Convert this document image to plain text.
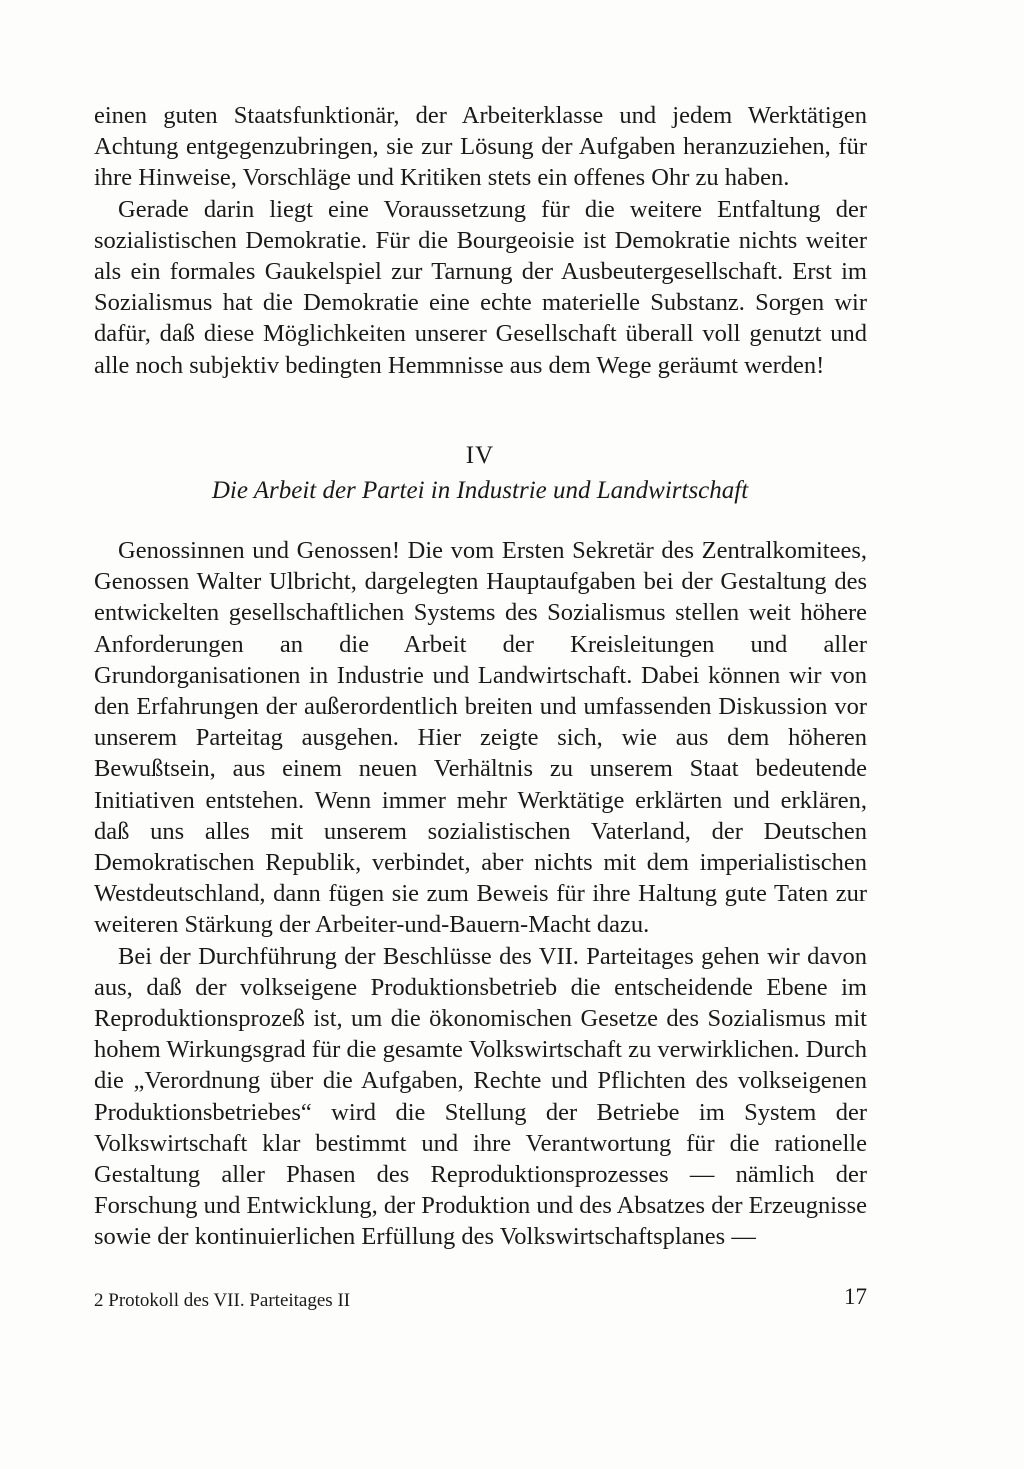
einen guten Staatsfunktionär, der Arbeiterklasse und jedem Werktätigen Achtung entgegenzubringen, sie zur Lösung der Aufgaben heranzuziehen, für ihre Hinweise, Vorschläge und Kritiken stets ein offenes Ohr zu haben.

Gerade darin liegt eine Voraussetzung für die weitere Entfaltung der sozialistischen Demokratie. Für die Bourgeoisie ist Demokratie nichts weiter als ein formales Gaukelspiel zur Tarnung der Ausbeutergesellschaft. Erst im Sozialismus hat die Demokratie eine echte materielle Substanz. Sorgen wir dafür, daß diese Möglichkeiten unserer Gesellschaft überall voll genutzt und alle noch subjektiv bedingten Hemmnisse aus dem Wege geräumt werden!

IV
Die Arbeit der Partei in Industrie und Landwirtschaft

Genossinnen und Genossen! Die vom Ersten Sekretär des Zentralkomitees, Genossen Walter Ulbricht, dargelegten Hauptaufgaben bei der Gestaltung des entwickelten gesellschaftlichen Systems des Sozialismus stellen weit höhere Anforderungen an die Arbeit der Kreisleitungen und aller Grundorganisationen in Industrie und Landwirtschaft. Dabei können wir von den Erfahrungen der außerordentlich breiten und umfassenden Diskussion vor unserem Parteitag ausgehen. Hier zeigte sich, wie aus dem höheren Bewußtsein, aus einem neuen Verhältnis zu unserem Staat bedeutende Initiativen entstehen. Wenn immer mehr Werktätige erklärten und erklären, daß uns alles mit unserem sozialistischen Vaterland, der Deutschen Demokratischen Republik, verbindet, aber nichts mit dem imperialistischen Westdeutschland, dann fügen sie zum Beweis für ihre Haltung gute Taten zur weiteren Stärkung der Arbeiter-und-Bauern-Macht dazu.

Bei der Durchführung der Beschlüsse des VII. Parteitages gehen wir davon aus, daß der volkseigene Produktionsbetrieb die entscheidende Ebene im Reproduktionsprozeß ist, um die ökonomischen Gesetze des Sozialismus mit hohem Wirkungsgrad für die gesamte Volkswirtschaft zu verwirklichen. Durch die „Verordnung über die Aufgaben, Rechte und Pflichten des volkseigenen Produktionsbetriebes“ wird die Stellung der Betriebe im System der Volkswirtschaft klar bestimmt und ihre Verantwortung für die rationelle Gestaltung aller Phasen des Reproduktionsprozesses — nämlich der Forschung und Entwicklung, der Produktion und des Absatzes der Erzeugnisse sowie der kontinuierlichen Erfüllung des Volkswirtschaftsplanes —

2 Protokoll des VII. Parteitages II	17
